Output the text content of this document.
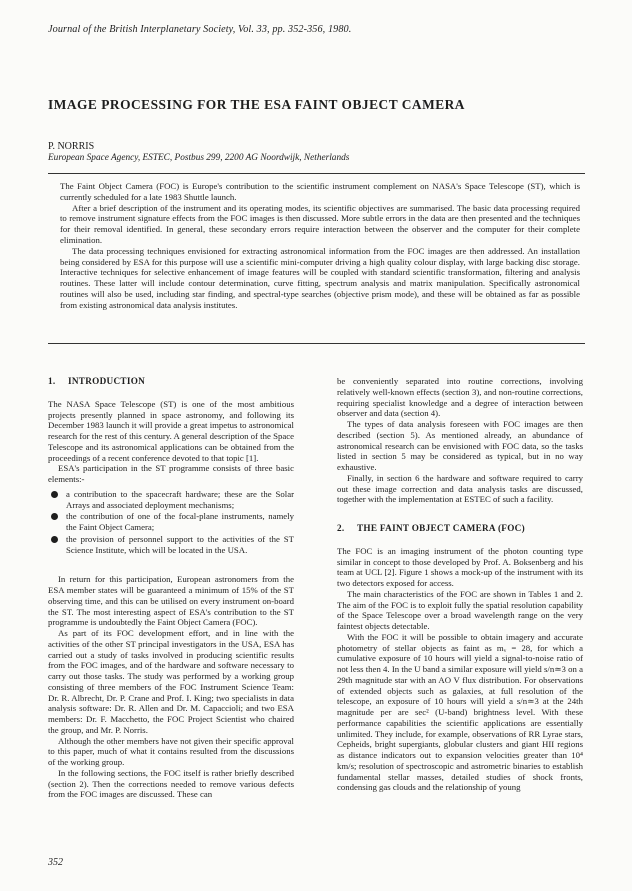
Journal of the British Interplanetary Society, Vol. 33, pp. 352-356, 1980.
IMAGE PROCESSING FOR THE ESA FAINT OBJECT CAMERA
P. NORRIS
European Space Agency, ESTEC, Postbus 299, 2200 AG Noordwijk, Netherlands

The Faint Object Camera (FOC) is Europe's contribution to the scientific instrument complement on NASA's Space Telescope (ST), which is currently scheduled for a late 1983 Shuttle launch.

After a brief description of the instrument and its operating modes, its scientific objectives are summarised. The basic data processing required to remove instrument signature effects from the FOC images is then discussed. More subtle errors in the data are then presented and the techniques for their removal identified. In general, these secondary errors require interaction between the observer and the computer for their complete elimination.

The data processing techniques envisioned for extracting astronomical information from the FOC images are then addressed. An installation being considered by ESA for this purpose will use a scientific mini-computer driving a high quality colour display, with large backing disc storage. Interactive techniques for selective enhancement of image features will be coupled with standard scientific transformation, filtering and analysis routines. These latter will include contour determination, curve fitting, spectrum analysis and matrix manipulation. Specifically astronomical routines will also be used, including star finding, and spectral-type searches (objective prism mode), and these will be obtained as far as possible from existing astronomical data analysis institutes.

1. INTRODUCTION

The NASA Space Telescope (ST) is one of the most ambitious projects presently planned in space astronomy, and following its December 1983 launch it will provide a great impetus to astronomical research for the rest of this century. A general description of the Space Telescope and its astronomical applications can be obtained from the proceedings of a recent conference devoted to that topic [1].

ESA's participation in the ST programme consists of three basic elements:-

a contribution to the spacecraft hardware; these are the Solar Arrays and associated deployment mechanisms;
the contribution of one of the focal-plane instruments, namely the Faint Object Camera;
the provision of personnel support to the activities of the ST Science Institute, which will be located in the USA.

In return for this participation, European astronomers from the ESA member states will be guaranteed a minimum of 15% of the ST observing time, and this can be utilised on every instrument on-board the ST. The most interesting aspect of ESA's contribution to the ST programme is undoubtedly the Faint Object Camera (FOC).

As part of its FOC development effort, and in line with the activities of the other ST principal investigators in the USA, ESA has carried out a study of tasks involved in producing scientific results from the FOC images, and of the hardware and software necessary to carry out those tasks. The study was performed by a working group consisting of three members of the FOC Instrument Science Team: Dr. R. Albrecht, Dr. P. Crane and Prof. I. King; two specialists in data analysis software: Dr. R. Allen and Dr. M. Capaccioli; and two ESA members: Dr. F. Macchetto, the FOC Project Scientist who chaired the group, and Mr. P. Norris.

Although the other members have not given their specific approval to this paper, much of what it contains resulted from the discussions of the working group.

In the following sections, the FOC itself is rather briefly described (section 2). Then the corrections needed to remove various defects from the FOC images are discussed. These can

be conveniently separated into routine corrections, involving relatively well-known effects (section 3), and non-routine corrections, requiring specialist knowledge and a degree of interaction between observer and data (section 4).

The types of data analysis foreseen with FOC images are then described (section 5). As mentioned already, an abundance of astronomical research can be envisioned with FOC data, so the tasks listed in section 5 may be considered as typical, but in no way exhaustive.

Finally, in section 6 the hardware and software required to carry out these image correction and data analysis tasks are discussed, together with the implementation at ESTEC of such a facility.

2. THE FAINT OBJECT CAMERA (FOC)

The FOC is an imaging instrument of the photon counting type similar in concept to those developed by Prof. A. Boksenberg and his team at UCL [2]. Figure 1 shows a mock-up of the instrument with its two detectors exposed for access.

The main characteristics of the FOC are shown in Tables 1 and 2. The aim of the FOC is to exploit fully the spatial resolution capability of the Space Telescope over a broad wavelength range on the very faintest objects detectable.

With the FOC it will be possible to obtain imagery and accurate photometry of stellar objects as faint as mᵥ = 28, for which a cumulative exposure of 10 hours will yield a signal-to-noise ratio of not less then 4. In the U band a similar exposure will yield s/n≃3 on a 29th magnitude star with an AO V flux distribution. For observations of extended objects such as galaxies, at full resolution of the telescope, an exposure of 10 hours will yield a s/n≃3 at the 24th magnitude per are sec² (U-band) brightness level. With these performance capabilities the scientific applications are essentially unlimited. They include, for example, observations of RR Lyrae stars, Cepheids, bright supergiants, globular clusters and giant HII regions as distance indicators out to expansion velocities greater than 10⁴ km/s; resolution of spectroscopic and astrometric binaries to establish fundamental stellar masses, detailed studies of shock fronts, condensing gas clouds and the relationship of young

352
